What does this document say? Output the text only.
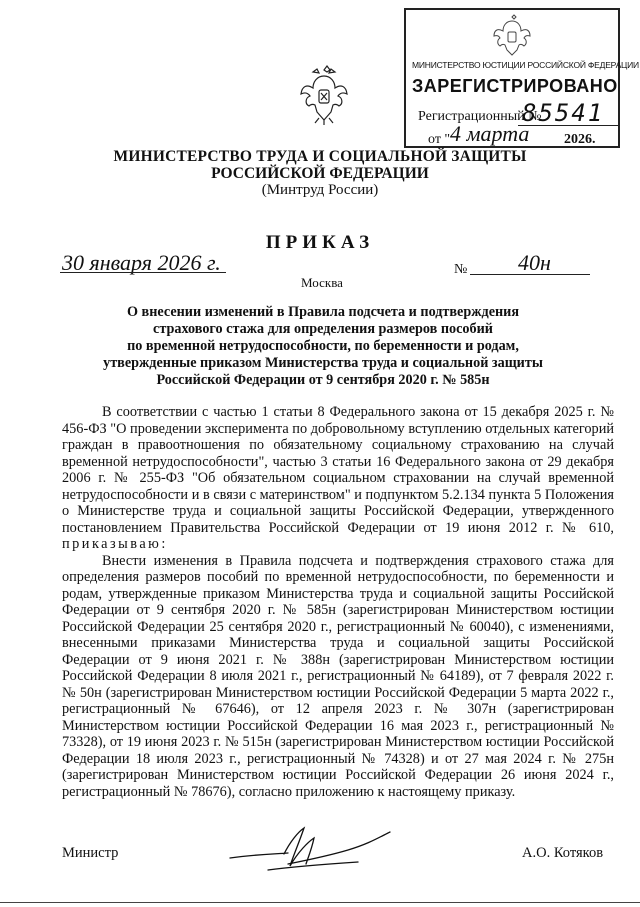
МИНИСТЕРСТВО ЮСТИЦИИ РОССИЙСКОЙ ФЕДЕРАЦИИ
ЗАРЕГИСТРИРОВАНО
Регистрационный №
85541
от " 4 марта 2026.
МИНИСТЕРСТВО ТРУДА И СОЦИАЛЬНОЙ ЗАЩИТЫ
РОССИЙСКОЙ ФЕДЕРАЦИИ
(Минтруд России)
ПРИКАЗ
30 января 2026 г.
Москва
№ 40н
О внесении изменений в Правила подсчета и подтверждения
страхового стажа для определения размеров пособий
по временной нетрудоспособности, по беременности и родам,
утвержденные приказом Министерства труда и социальной защиты
Российской Федерации от 9 сентября 2020 г. № 585н

В соответствии с частью 1 статьи 8 Федерального закона от 15 декабря 2025 г. № 456-ФЗ "О проведении эксперимента по добровольному вступлению отдельных категорий граждан в правоотношения по обязательному социальному страхованию на случай временной нетрудоспособности", частью 3 статьи 16 Федерального закона от 29 декабря 2006 г. № 255-ФЗ "Об обязательном социальном страховании на случай временной нетрудоспособности и в связи с материнством" и подпунктом 5.2.134 пункта 5 Положения о Министерстве труда и социальной защиты Российской Федерации, утвержденного постановлением Правительства Российской Федерации от 19 июня 2012 г. № 610, приказываю:

Внести изменения в Правила подсчета и подтверждения страхового стажа для определения размеров пособий по временной нетрудоспособности, по беременности и родам, утвержденные приказом Министерства труда и социальной защиты Российской Федерации от 9 сентября 2020 г. № 585н (зарегистрирован Министерством юстиции Российской Федерации 25 сентября 2020 г., регистрационный № 60040), с изменениями, внесенными приказами Министерства труда и социальной защиты Российской Федерации от 9 июня 2021 г. № 388н (зарегистрирован Министерством юстиции Российской Федерации 8 июля 2021 г., регистрационный № 64189), от 7 февраля 2022 г. № 50н (зарегистрирован Министерством юстиции Российской Федерации 5 марта 2022 г., регистрационный № 67646), от 12 апреля 2023 г. № 307н (зарегистрирован Министерством юстиции Российской Федерации 16 мая 2023 г., регистрационный № 73328), от 19 июня 2023 г. № 515н (зарегистрирован Министерством юстиции Российской Федерации 18 июля 2023 г., регистрационный № 74328) и от 27 мая 2024 г. № 275н (зарегистрирован Министерством юстиции Российской Федерации 26 июня 2024 г., регистрационный № 78676), согласно приложению к настоящему приказу.

Министр	А.О. Котяков
